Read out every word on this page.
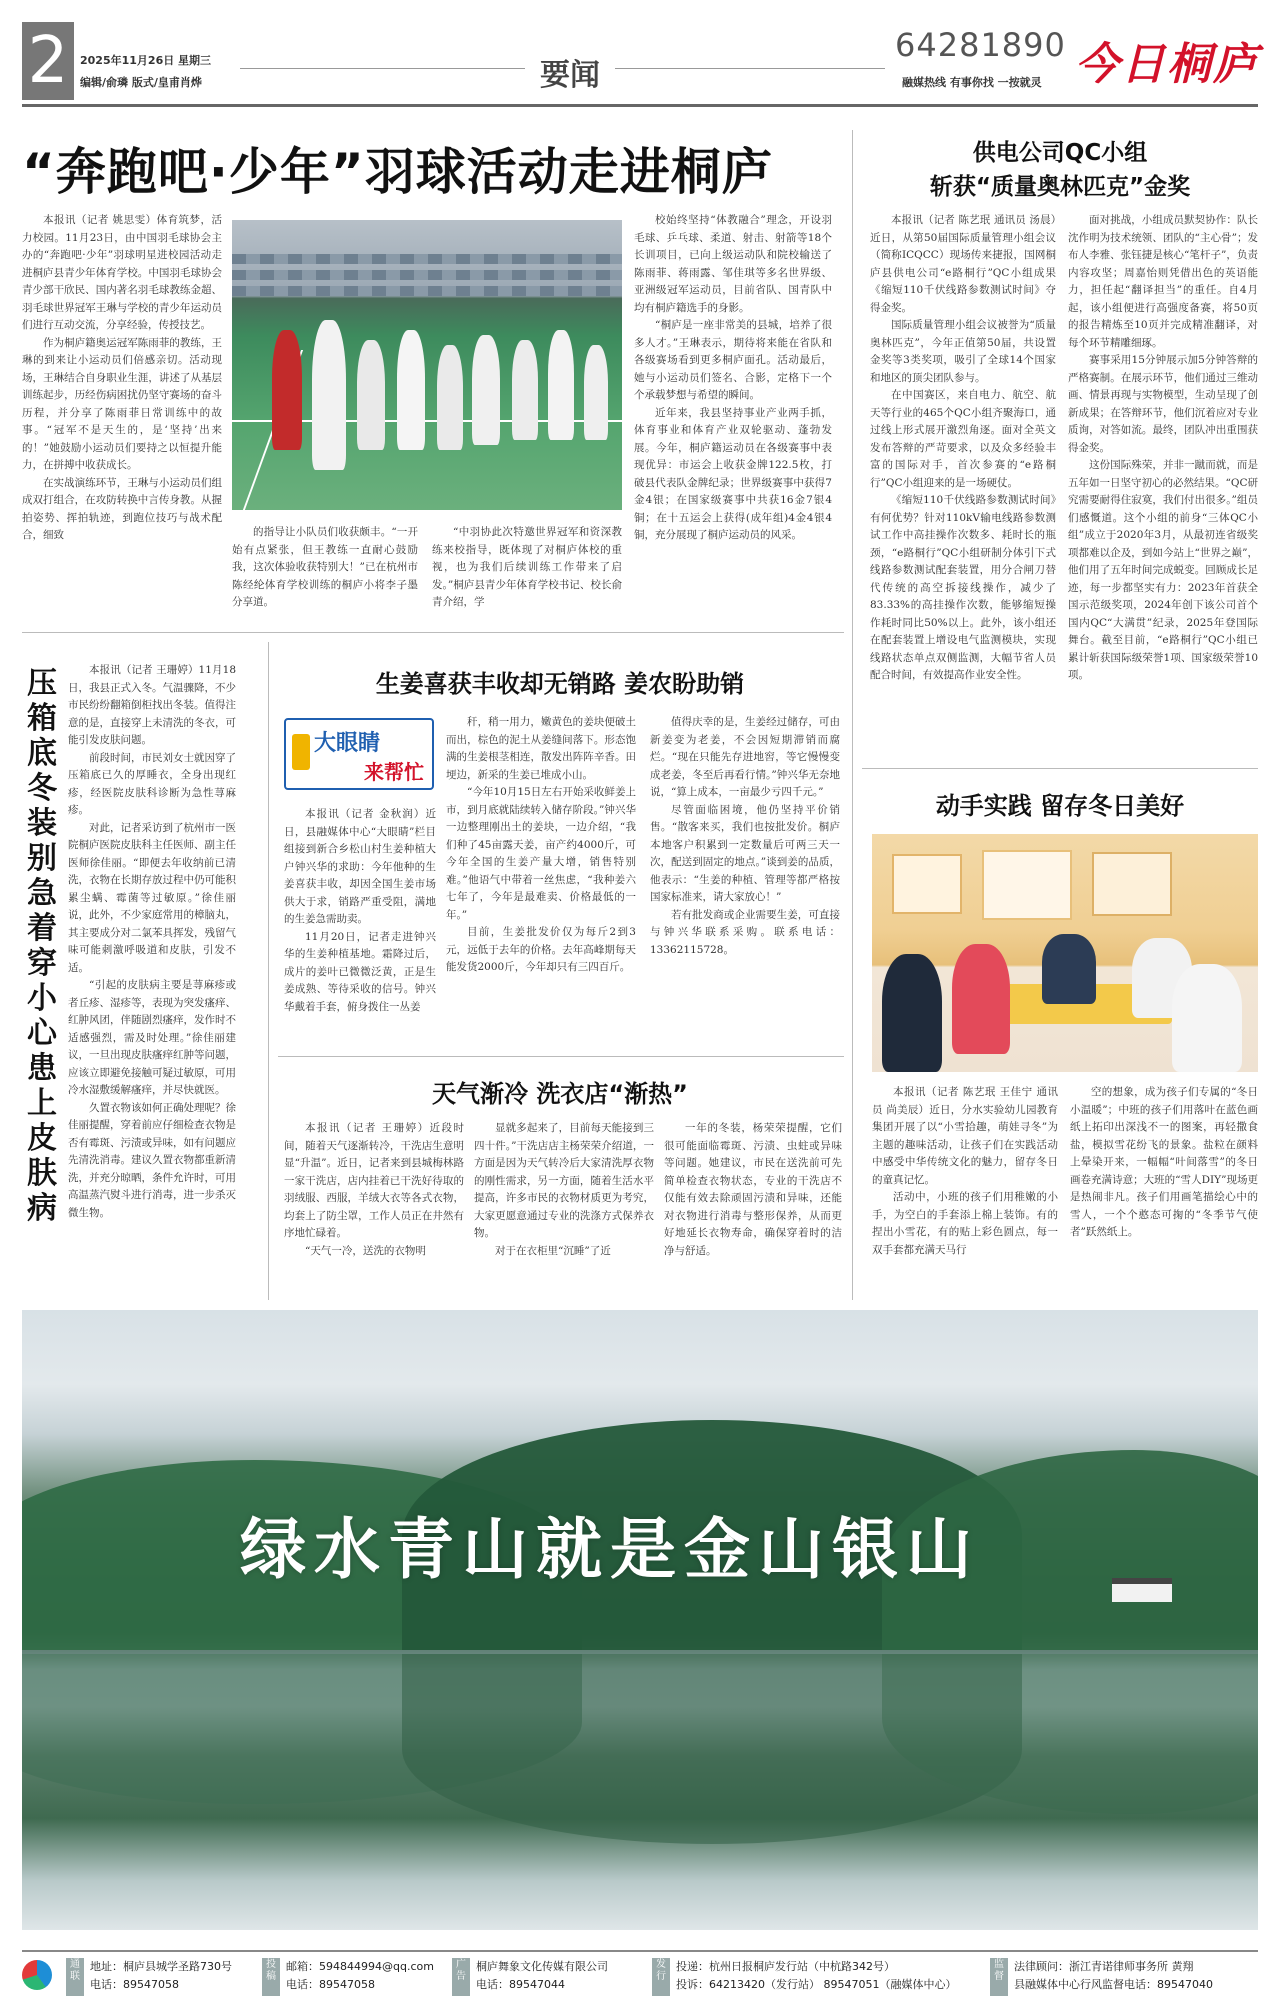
2	2025年11月26日 星期三
编辑/俞璘 版式/皇甫肖烨	要闻
64281890
融媒热线 有事你找 一按就灵 今日桐庐
“奔跑吧·少年”羽球活动走进桐庐

本报讯（记者 姚思雯）体育筑梦，活力校园。11月23日，由中国羽毛球协会主办的“奔跑吧·少年”羽球明星进校园活动走进桐庐县青少年体育学校。中国羽毛球协会青少部干欣民、国内著名羽毛球教练金超、羽毛球世界冠军王琳与学校的青少年运动员们进行互动交流，分享经验，传授技艺。

作为桐庐籍奥运冠军陈雨菲的教练，王琳的到来让小运动员们倍感亲切。活动现场，王琳结合自身职业生涯，讲述了从基层训练起步，历经伤病困扰仍坚守赛场的奋斗历程，并分享了陈雨菲日常训练中的故事。“冠军不是天生的，是‘坚持’出来的！”她鼓励小运动员们要持之以恒提升能力，在拼搏中收获成长。

在实战演练环节，王琳与小运动员们组成双打组合，在攻防转换中言传身教。从握拍姿势、挥拍轨迹，到跑位技巧与战术配合，细致	的指导让小队员们收获颇丰。“一开始有点紧张，但王教练一直耐心鼓励我，这次体验收获特别大！”已在杭州市陈经纶体育学校训练的桐庐小将李子墨分享道。

“中羽协此次特邀世界冠军和资深教练来校指导，既体现了对桐庐体校的重视，也为我们后续训练工作带来了启发。”桐庐县青少年体育学校书记、校长俞青介绍，学

校始终坚持“体教融合”理念，开设羽毛球、乒乓球、柔道、射击、射箭等18个长训项目，已向上级运动队和院校输送了陈雨菲、蒋雨露、邹佳琪等多名世界级、亚洲级冠军运动员，目前省队、国青队中均有桐庐籍选手的身影。

“桐庐是一座非常美的县城，培养了很多人才。”王琳表示，期待将来能在省队和各级赛场看到更多桐庐面孔。活动最后，她与小运动员们签名、合影，定格下一个个承载梦想与希望的瞬间。

近年来，我县坚持事业产业两手抓，体育事业和体育产业双轮驱动、蓬勃发展。今年，桐庐籍运动员在各级赛事中表现优异：市运会上收获金牌122.5枚，打破县代表队金牌纪录；世界级赛事中获得7金4银；在国家级赛事中共获16金7银4铜；在十五运会上获得(成年组)4金4银4铜，充分展现了桐庐运动员的风采。

供电公司QC小组
斩获“质量奥林匹克”金奖

本报讯（记者 陈艺珉 通讯员 汤晨）近日，从第50届国际质量管理小组会议（简称ICQCC）现场传来捷报，国网桐庐县供电公司“e路桐行”QC小组成果《缩短110千伏线路参数测试时间》夺得金奖。

国际质量管理小组会议被誉为“质量奥林匹克”，今年正值第50届，共设置金奖等3类奖项，吸引了全球14个国家和地区的顶尖团队参与。

在中国赛区，来自电力、航空、航天等行业的465个QC小组齐聚海口，通过线上形式展开激烈角逐。面对全英文发布答辩的严苛要求，以及众多经验丰富的国际对手，首次参赛的“e路桐行”QC小组迎来的是一场硬仗。

《缩短110千伏线路参数测试时间》有何优势？针对110kV输电线路参数测试工作中高挂操作次数多、耗时长的瓶颈，“e路桐行”QC小组研制分体引下式线路参数测试配套装置，用分合闸刀替代传统的高空拆接线操作，减少了83.33%的高挂操作次数，能够缩短操作耗时同比50%以上。此外，该小组还在配套装置上增设电气监测模块，实现线路状态单点双侧监测，大幅节省人员配合时间，有效提高作业安全性。

面对挑战，小组成员默契协作：队长沈作明为技术统领、团队的“主心骨”；发布人李雅、张钰捷是核心“笔杆子”，负责内容攻坚；周嘉怡则凭借出色的英语能力，担任起“翻译担当”的重任。自4月起，该小组便进行高强度备赛，将50页的报告精炼至10页并完成精准翻译，对每个环节精雕细琢。

赛事采用15分钟展示加5分钟答辩的严格赛制。在展示环节，他们通过三维动画、情景再现与实物模型，生动呈现了创新成果；在答辩环节，他们沉着应对专业质询，对答如流。最终，团队冲出重围获得金奖。

这份国际殊荣，并非一蹴而就，而是五年如一日坚守初心的必然结果。“QC研究需要耐得住寂寞，我们付出很多。”组员们感慨道。这个小组的前身“三体QC小组”成立于2020年3月，从最初连省级奖项都难以企及，到如今站上“世界之巅”，他们用了五年时间完成蜕变。回顾成长足迹，每一步都坚实有力：2023年首获全国示范级奖项，2024年创下该公司首个国内QC“大满贯”纪录，2025年登国际舞台。截至目前，“e路桐行”QC小组已累计斩获国际级荣誉1项、国家级荣誉10项。

压箱底冬装别急着穿 小心患上皮肤病

本报讯（记者 王珊婷）11月18日，我县正式入冬。气温骤降，不少市民纷纷翻箱倒柜找出冬装。值得注意的是，直接穿上未清洗的冬衣，可能引发皮肤问题。

前段时间，市民刘女士就因穿了压箱底已久的厚睡衣，全身出现红疹，经医院皮肤科诊断为急性荨麻疹。

对此，记者采访到了杭州市一医院桐庐医院皮肤科主任医师、副主任医师徐佳丽。“即便去年收纳前已清洗，衣物在长期存放过程中仍可能积累尘螨、霉菌等过敏原。”徐佳丽说，此外，不少家庭常用的樟脑丸，其主要成分对二氯苯具挥发，残留气味可能刺激呼吸道和皮肤，引发不适。

“引起的皮肤病主要是荨麻疹或者丘疹、湿疹等，表现为突发瘙痒、红肿风团，伴随剧烈瘙痒，发作时不适感强烈，需及时处理。”徐佳丽建议，一旦出现皮肤瘙痒红肿等问题，应该立即避免接触可疑过敏原，可用冷水湿敷缓解瘙痒，并尽快就医。

久置衣物该如何正确处理呢？徐佳丽提醒，穿着前应仔细检查衣物是否有霉斑、污渍或异味，如有问题应先清洗消毒。建议久置衣物都重新清洗，并充分晾晒，条件允许时，可用高温蒸汽熨斗进行消毒，进一步杀灭微生物。

生姜喜获丰收却无销路 姜农盼助销
大眼睛
来帮忙

本报讯（记者 金秋润）近日，县融媒体中心“大眼睛”栏目组接到新合乡松山村生姜种植大户钟兴华的求助：今年他种的生姜喜获丰收，却因全国生姜市场供大于求，销路严重受阻，满地的生姜急需助卖。

11月20日，记者走进钟兴华的生姜种植基地。霜降过后，成片的姜叶已微微泛黄，正是生姜成熟、等待采收的信号。钟兴华戴着手套，俯身拨住一丛姜

秆，稍一用力，嫩黄色的姜块便破土而出，棕色的泥土从姜缝间落下。形态饱满的生姜根茎相连，散发出阵阵辛香。田埂边，新采的生姜已堆成小山。

“今年10月15日左右开始采收鲜姜上市，到月底就陆续转入储存阶段。”钟兴华一边整理刚出土的姜块，一边介绍，“我们种了45亩露天姜，亩产约4000斤，可今年全国的生姜产量大增，销售特别难。”他语气中带着一丝焦虑，“我种姜六七年了，今年是最难卖、价格最低的一年。”

目前，生姜批发价仅为每斤2到3元，远低于去年的价格。去年高峰期每天能发货2000斤，今年却只有三四百斤。

值得庆幸的是，生姜经过储存，可由新姜变为老姜，不会因短期滞销而腐烂。“现在只能先存进地窖，等它慢慢变成老姜，冬至后再看行情。”钟兴华无奈地说，“算上成本，一亩最少亏四千元。”

尽管面临困境，他仍坚持平价销售。“散客来买，我们也按批发价。桐庐本地客户积累到一定数量后可两三天一次，配送到固定的地点。”谈到姜的品质，他表示：“生姜的种植、管理等都严格按国家标准来，请大家放心！”

若有批发商或企业需要生姜，可直接与钟兴华联系采购。联系电话：13362115728。

天气渐冷 洗衣店“渐热”

本报讯（记者 王珊婷）近段时间，随着天气逐渐转冷，干洗店生意明显“升温”。近日，记者来到县城梅林路一家干洗店，店内挂着已干洗好待取的羽绒服、西服，羊绒大衣等各式衣物，均套上了防尘罩，工作人员正在井然有序地忙碌着。

“天气一冷，送洗的衣物明

显就多起来了，目前每天能接到三四十件。”干洗店店主杨荣荣介绍道，一方面是因为天气转冷后大家清洗厚衣物的刚性需求，另一方面，随着生活水平提高，许多市民的衣物材质更为考究，大家更愿意通过专业的洗涤方式保养衣物。

对于在衣柜里“沉睡”了近

一年的冬装，杨荣荣提醒，它们很可能面临霉斑、污渍、虫蛀或异味等问题。她建议，市民在送洗前可先简单检查衣物状态，专业的干洗店不仅能有效去除顽固污渍和异味，还能对衣物进行消毒与整形保养，从而更好地延长衣物寿命，确保穿着时的洁净与舒适。

动手实践 留存冬日美好

本报讯（记者 陈艺珉 王佳宁 通讯员 尚美辰）近日，分水实验幼儿园教育集团开展了以“小雪拾趣，萌娃寻冬”为主题的趣味活动，让孩子们在实践活动中感受中华传统文化的魅力，留存冬日的童真记忆。

活动中，小班的孩子们用稚嫩的小手，为空白的手套添上棉上装饰。有的捏出小雪花，有的贴上彩色圆点，每一双手套都充满天马行

空的想象，成为孩子们专属的“冬日小温暖”；中班的孩子们用落叶在蓝色画纸上拓印出深浅不一的图案，再轻撒食盐，模拟雪花纷飞的景象。盐粒在颜料上晕染开来，一幅幅“叶间落雪”的冬日画卷充满诗意；大班的“雪人DIY”现场更是热闹非凡。孩子们用画笔描绘心中的雪人，一个个憨态可掬的“冬季节气使者”跃然纸上。

绿水青山就是金山银山
通联
地址：桐庐县城学圣路730号
电话：89547058
投稿
邮箱：594844994@qq.com
电话：89547058
广告
桐庐舞象文化传媒有限公司
电话：89547044
发行
投递：杭州日报桐庐发行站（中杭路342号）
投诉：64213420（发行站） 89547051（融媒体中心）
监督
法律顾问：浙江青诺律师事务所 黄翔
县融媒体中心行风监督电话：89547040
